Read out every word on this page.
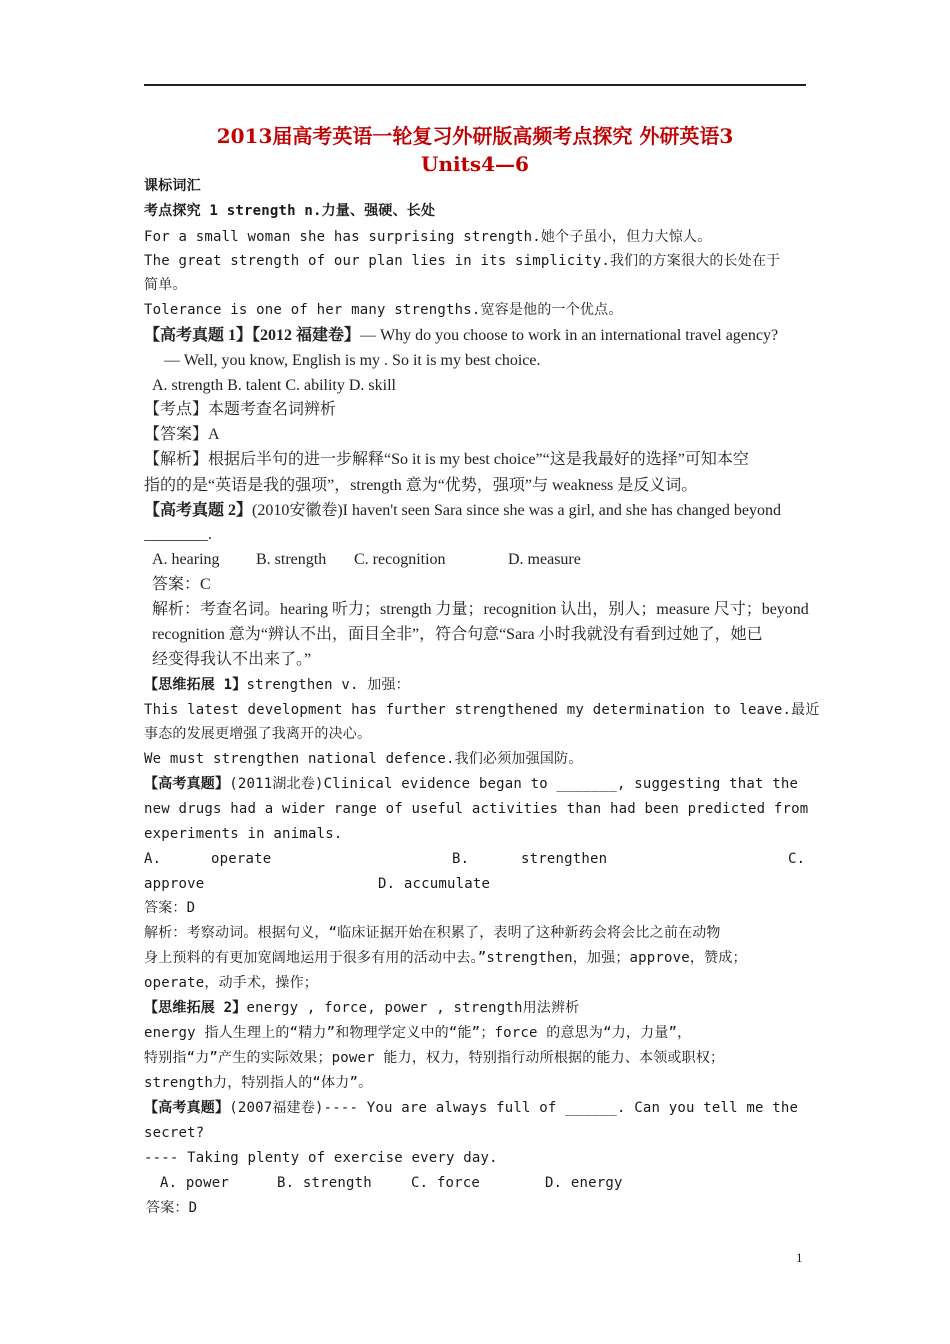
2013届高考英语一轮复习外研版高频考点探究 外研英语3
Units4—6
课标词汇
考点探究 1 strength n.力量、强硬、长处
For a small woman she has surprising strength.她个子虽小，但力大惊人。
The great strength of our plan lies in its simplicity.我们的方案很大的长处在于
简单。
Tolerance is one of her many strengths.宽容是他的一个优点。
【高考真题 1】【2012 福建卷】— Why do you choose to work in an international travel agency?
— Well, you know, English is my . So it is my best choice.
A. strength B. talent C. ability D. skill
【考点】本题考查名词辨析
【答案】A
【解析】根据后半句的进一步解释“So it is my best choice”“这是我最好的选择”可知本空
指的的是“英语是我的强项”，strength 意为“优势，强项”与 weakness 是反义词。
【高考真题 2】(2010安徽卷)I haven't seen Sara since she was a girl, and she has changed beyond
________.
A. hearing B. strength C. recognition	D. measure
答案：C
解析：考查名词。hearing 听力；strength 力量；recognition 认出，别人；measure 尺寸；beyond
recognition 意为“辨认不出，面目全非”，符合句意“Sara 小时我就没有看到过她了，她已
经变得我认不出来了。”
【思维拓展 1】strengthen v. 加强：
This latest development has further strengthened my determination to leave.最近
事态的发展更增强了我离开的决心。
We must strengthen national defence.我们必须加强国防。
【高考真题】(2011湖北卷)Clinical evidence began to _______, suggesting that the
new drugs had a wider range of useful activities than had been predicted from
experiments in animals.
A.	operate	B.	strengthen	C.
approve	D. accumulate
答案：D
解析：考察动词。根据句义，“临床证据开始在积累了，表明了这种新药会将会比之前在动物
身上预料的有更加宽阔地运用于很多有用的活动中去。”strengthen，加强；approve，赞成；
operate，动手术，操作；
【思维拓展 2】energy , force, power , strength用法辨析
energy 指人生理上的“精力”和物理学定义中的“能”；force 的意思为“力，力量”，
特别指“力”产生的实际效果；power 能力，权力，特别指行动所根据的能力、本领或职权；
strength力，特别指人的“体力”。
【高考真题】(2007福建卷)---- You are always full of ______. Can you tell me the
secret?
---- Taking plenty of exercise every day.
A. power	B. strength	C. force	D. energy
答案：D
1
